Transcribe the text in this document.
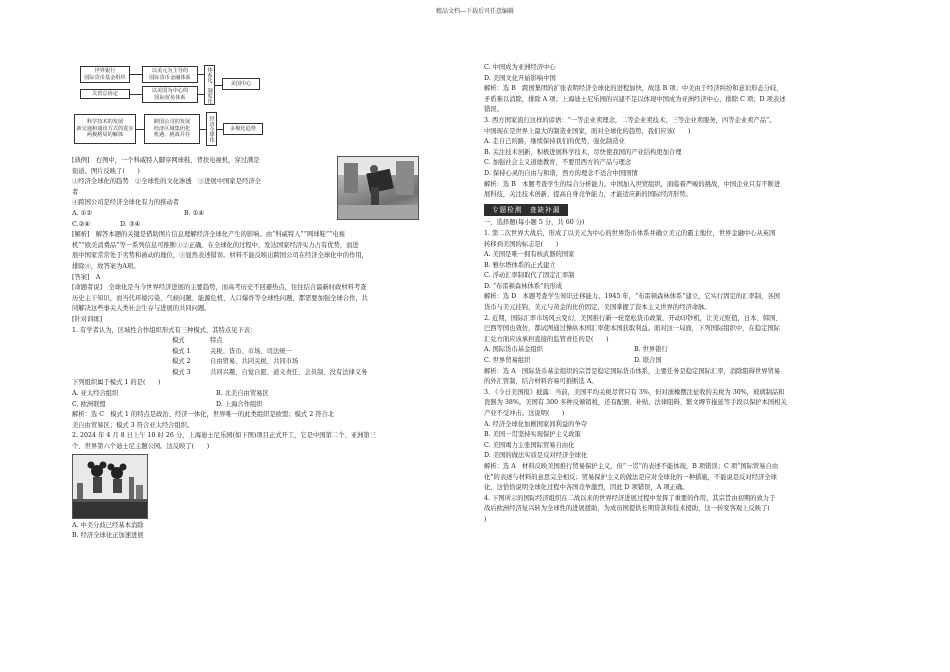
精品文档---下载后可任意编辑
世界银行
国际货币基金组织
以美元为主导的
国际货币金融体系
关贸总协定	以美国为中心的
国际贸易体系	体系化、制度化	美国中心
科学技术的发展
新交通和通讯方式的进步
两极格局的解体
跨国公司的发展
经济区域集团化
机遇、挑战并存	经济全球化	多极化趋势

[典例]　右图中，一个科威特人脚穿网球鞋，背扶电视机，穿过满是

街道。图片反映了(　　)

①经济全球化的趋势　②全球性的文化渗透　③进展中国家是经济全

者

④跨国公司是经济全球化有力的推动者

A. ①②	B. ①④

C.②④	D. ③④

[解析]　解答本题的关键是借助图片信息理解经济全球化产生的影响。由“科威特人”“网球鞋”“电视

机”“欧美消费品”等一系列信息可推断①②正确。在全球化的过程中，发达国家经济实力占有优势，而进

展中国家常常处于劣势和被动的地位，③显然表述错误。材料不能反映出跨国公司在经济全球化中的作用，

排除④，故答案为A项。

[答案]　A

[命题者说]　全球化是当今世界经济进展的主要趋势，而高考历史不回避热点，往往结合最新时政材料考查

历史主干知识，而当代环境污染、气候问题、能源危机、人口爆炸等全球性问题，都需要加强全球合作，共

同解决这些事关人类社会生存与进展的共同问题。

[针对训练]

1. 有学者认为，区域性合作组织形式有三种模式，其特点见下表：

模式	特点

模式 1	关税、货币、市场、司法统一

模式 2	自由贸易、共同关税、共同市场

模式 3	共同兴趣、自觉自愿、道义责任、会员制、没有法律义务

下列组织属于模式 1 的是(　　)

A. 亚太经合组织	B. 北美自由贸易区

C. 欧洲联盟	D. 上海合作组织

解析：选 C　模式 1 的特点是政治、经济一体化，世界唯一的此类组织是欧盟；模式 2 符合北

美自由贸易区；模式 3 符合亚太经合组织。

2. 2024 年 4 月 8 日上午 10 时 26 分，上海迪士尼乐园(如下图)项目正式开工，它是中国第二个、亚洲第三

个、世界第六个迪士尼主题公园。这反映了(　　)

A. 中美分歧已经基本消除

B. 经济全球化正加速进展

C. 中国成为亚洲经济中心

D. 美国文化开始影响中国

解析：选 B　跨国集团的扩张表明经济全球化的进程加快，故选 B 项；中美由于经济纠纷和意识形态分歧，

矛盾难以消除，排除 A 项；上海迪士尼乐园的兴建不足以体现中国成为亚洲经济中心，排除 C 项；D 项表述

错误。

3. 西方国家流行这样的谚语：“一等企业卖理念，二等企业卖技术，三等企业卖服务，四等企业卖产品”。

中国现在是世界上最大的制造业国家，面对全球化的趋势，我们应该(　　)

A. 走自己的路，继续保持我们的优势，强化制造业

B. 关注技术创新，积极进展科学技术，尽快使我国的产业结构更加合理

C. 加强社会主义道德教育，不要用西方的产品与理念

D. 保持心灵的自由与和谐，西方的理念不适合中国国情

解析：选 B　本题考查学生的综合分析能力。中国加入世贸组织，面临着严峻的挑战，中国企业只有不断进

展科技，关注技术创新，提高自身竞争能力，才能适应新的国际经济形势。

专题检测　查缺补漏

一、选择题(每小题 5 分，共 60 分)

1. 第二次世界大战后，形成了以美元为中心的世界货币体系并确立美元的霸主地位，世界金融中心从英国

转移到美国的标志是(　　)

A. 美国是唯一拥有核武器的国家

B. 雅尔塔体系的正式建立

C. 浮动汇率制取代了固定汇率制

D. “布雷顿森林体系”的形成

解析：选 D　本题考查学生知识迁移能力。1945 年，“布雷顿森林体系”建立，它实行固定的汇率制，各国

货币与美元挂钩，美元与黄金的比价固定，美国掌握了资本主义世界的经济命脉。

2. 近期，国际汇率市场风云变幻，美国推行新一轮宽松货币政策，开动印钞机，让美元贬值，日本、韩国、

巴西等国也效仿，都试图通过操纵本国汇率使本国获取利益。面对这一局面，下列国际组织中，在稳定国际

汇兑方面应该承担直接的监管责任的是(　　)

A. 国际货币基金组织	B. 世界银行

C. 世界贸易组织	D. 联合国

解析：选 A　国际货币基金组织的宗旨是稳定国际货币体系，主要任务是稳定国际汇率，消除阻碍世界贸易

的外汇管制，结合材料容易可推断选 A。

3. 《今日美国报》披露：当前，美国平均关税尽管只有 3%，但对滚橡摆注征收的关税为 30%，玻璃制品和

瓷器为 38%。美国有 300 多种反倾销税，还有配额、补贴、法律阻碍、繁文缛节拖延等手段以保护本国相关

产业不受冲击。这说明(　　)

A. 经济全球化加剧国家间利益的争夺

B. 美国一贯坚持实现保护主义政策

C. 美国竭力主张国际贸易自由化

D. 美国的做法实质是反对经济全球化

解析：选 A　材料反映美国推行贸易保护主义，但“一贯”的表述不能体现，B 项错误；C 项“国际贸易自由

化”的表述与材料的意思完全相反；贸易保护主义的做法是应对全球化的一种措施，不能说是反对经济全球

化，这恰恰说明全球化过程中各国竞争激烈，因此 D 项错误，A 项正确。

4. 下图所示的国际经济组织在二战以来的世界经济进展过程中发挥了重要的作用，其宗旨由初期的致力于

战后欧洲经济复兴转为全球性的进展援助，为成员国提供长期贷款和技术援助，这一转变客观上反映了(

)
